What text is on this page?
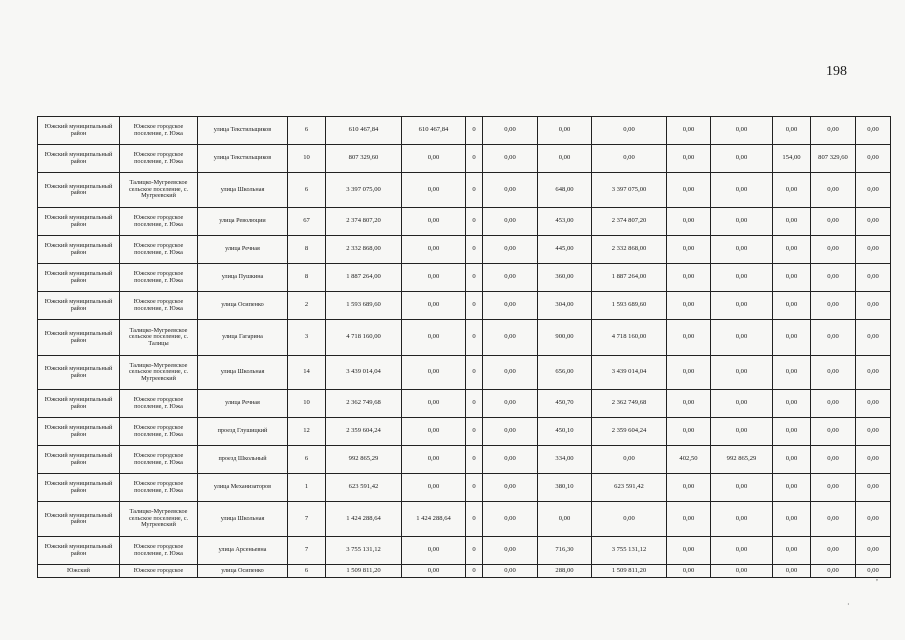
198
Южский муниципальный район	Южское городское поселение, г. Южа	улица Текстильщиков	6	610 467,84	610 467,84	0	0,00	0,00	0,00	0,00	0,00	0,00	0,00	0,00
Южский муниципальный район	Южское городское поселение, г. Южа	улица Текстильщиков	10	807 329,60	0,00	0	0,00	0,00	0,00	0,00	0,00	154,00	807 329,60	0,00
Южский муниципальный район	Талицко-Мугреевское сельское поселение, с. Мугреевский	улица Школьная	6	3 397 075,00	0,00	0	0,00	648,00	3 397 075,00	0,00	0,00	0,00	0,00	0,00
Южский муниципальный район	Южское городское поселение, г. Южа	улица Революции	67	2 374 807,20	0,00	0	0,00	453,00	2 374 807,20	0,00	0,00	0,00	0,00	0,00
Южский муниципальный район	Южское городское поселение, г. Южа	улица Речная	8	2 332 868,00	0,00	0	0,00	445,00	2 332 868,00	0,00	0,00	0,00	0,00	0,00
Южский муниципальный район	Южское городское поселение, г. Южа	улица Пушкина	8	1 887 264,00	0,00	0	0,00	360,00	1 887 264,00	0,00	0,00	0,00	0,00	0,00
Южский муниципальный район	Южское городское поселение, г. Южа	улица Осипенко	2	1 593 689,60	0,00	0	0,00	304,00	1 593 689,60	0,00	0,00	0,00	0,00	0,00
Южский муниципальный район	Талицко-Мугреевское сельское поселение, с. Талицы	улица Гагарина	3	4 718 160,00	0,00	0	0,00	900,00	4 718 160,00	0,00	0,00	0,00	0,00	0,00
Южский муниципальный район	Талицко-Мугреевское сельское поселение, с. Мугреевский	улица Школьная	14	3 439 014,04	0,00	0	0,00	656,00	3 439 014,04	0,00	0,00	0,00	0,00	0,00
Южский муниципальный район	Южское городское поселение, г. Южа	улица Речная	10	2 362 749,68	0,00	0	0,00	450,70	2 362 749,68	0,00	0,00	0,00	0,00	0,00
Южский муниципальный район	Южское городское поселение, г. Южа	проезд Глушицкий	12	2 359 604,24	0,00	0	0,00	450,10	2 359 604,24	0,00	0,00	0,00	0,00	0,00
Южский муниципальный район	Южское городское поселение, г. Южа	проезд Школьный	6	992 865,29	0,00	0	0,00	334,00	0,00	402,50	992 865,29	0,00	0,00	0,00
Южский муниципальный район	Южское городское поселение, г. Южа	улица Механизаторов	1	623 591,42	0,00	0	0,00	380,10	623 591,42	0,00	0,00	0,00	0,00	0,00
Южский муниципальный район	Талицко-Мугреевское сельское поселение, с. Мугреевский	улица Школьная	7	1 424 288,64	1 424 288,64	0	0,00	0,00	0,00	0,00	0,00	0,00	0,00	0,00
Южский муниципальный район	Южское городское поселение, г. Южа	улица Арсеньевна	7	3 755 131,12	0,00	0	0,00	716,30	3 755 131,12	0,00	0,00	0,00	0,00	0,00
Южский	Южское городское	улица Осипенко	6	1 509 811,20	0,00	0	0,00	288,00	1 509 811,20	0,00	0,00	0,00	0,00	0,00
,
·
